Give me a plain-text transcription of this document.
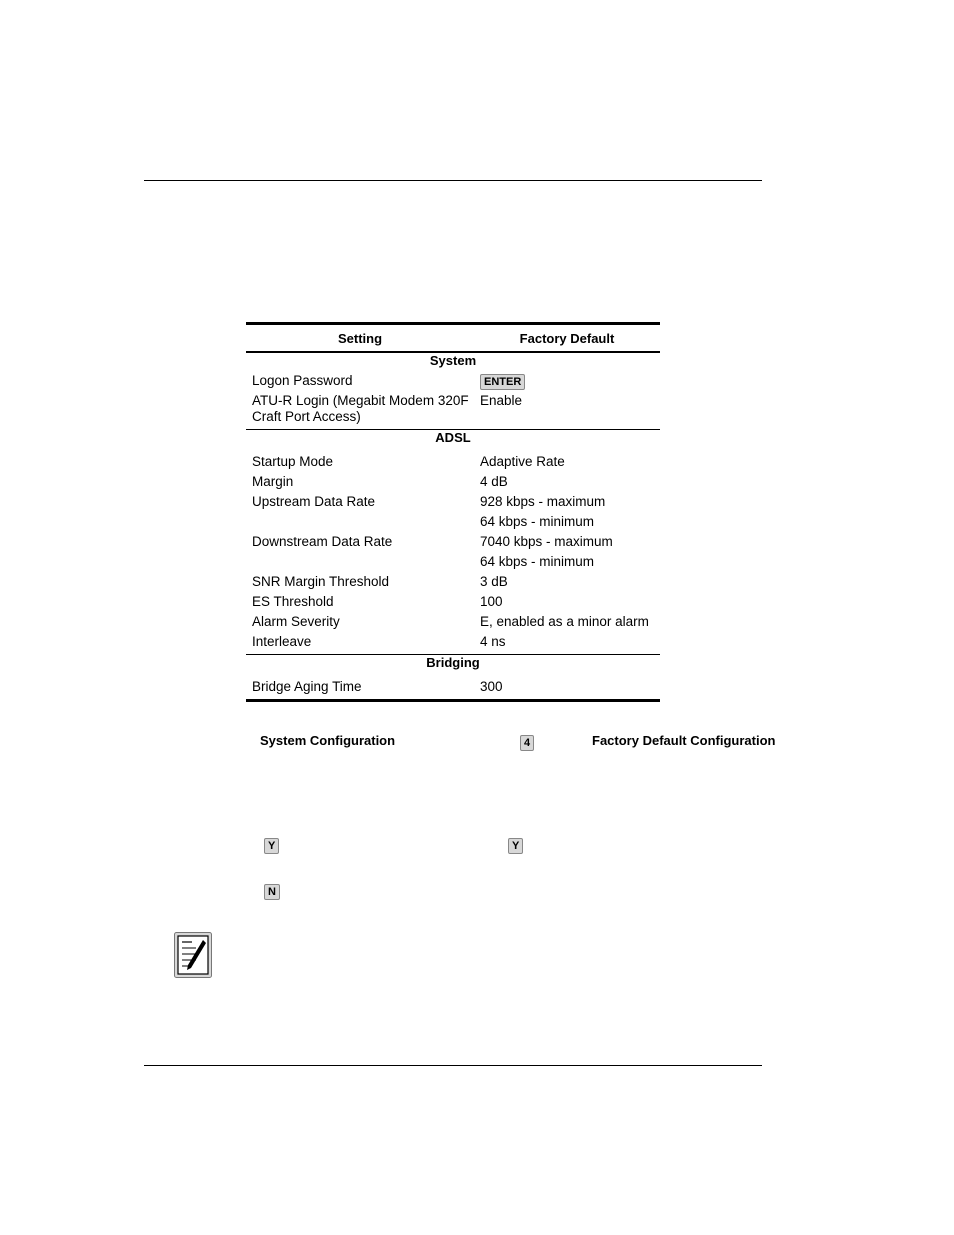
Setting	Factory Default
System	
Logon Password	ENTER
ATU-R Login (Megabit Modem 320F Craft Port Access)	Enable
ADSL	
Startup Mode	Adaptive Rate
Margin	4 dB
Upstream Data Rate	928 kbps - maximum
	64 kbps - minimum
Downstream Data Rate	7040 kbps - maximum
	64 kbps - minimum
SNR Margin Threshold	3 dB
ES Threshold	100
Alarm Severity	E, enabled as a minor alarm
Interleave	4 ns
Bridging	
Bridge Aging Time	300
System Configuration	4	Factory Default Configuration
Y	Y
N
